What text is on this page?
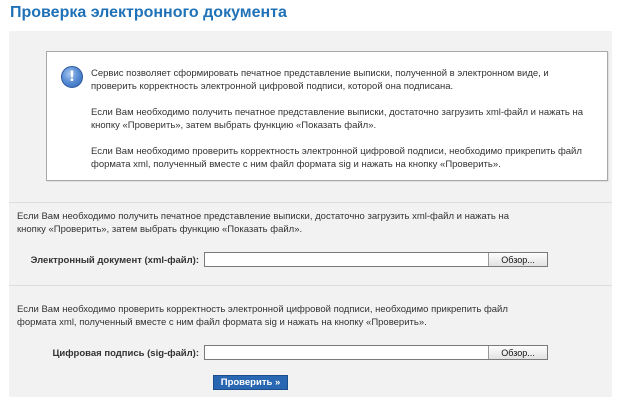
Проверка электронного документа
!	Сервис позволяет сформировать печатное представление выписки, полученной в электронном виде, и проверить корректность электронной цифровой подписи, которой она подписана.

Если Вам необходимо получить печатное представление выписки, достаточно загрузить xml-файл и нажать на кнопку «Проверить», затем выбрать функцию «Показать файл».

Если Вам необходимо проверить корректность электронной цифровой подписи, необходимо прикрепить файл формата xml, полученный вместе с ним файл формата sig и нажать на кнопку «Проверить».

Если Вам необходимо получить печатное представление выписки, достаточно загрузить xml-файл и нажать на кнопку «Проверить», затем выбрать функцию «Показать файл».
Электронный документ (xml-файл):	Обзор...
Если Вам необходимо проверить корректность электронной цифровой подписи, необходимо прикрепить файл формата xml, полученный вместе с ним файл формата sig и нажать на кнопку «Проверить».
Цифровая подпись (sig-файл):	Обзор...
Проверить »
